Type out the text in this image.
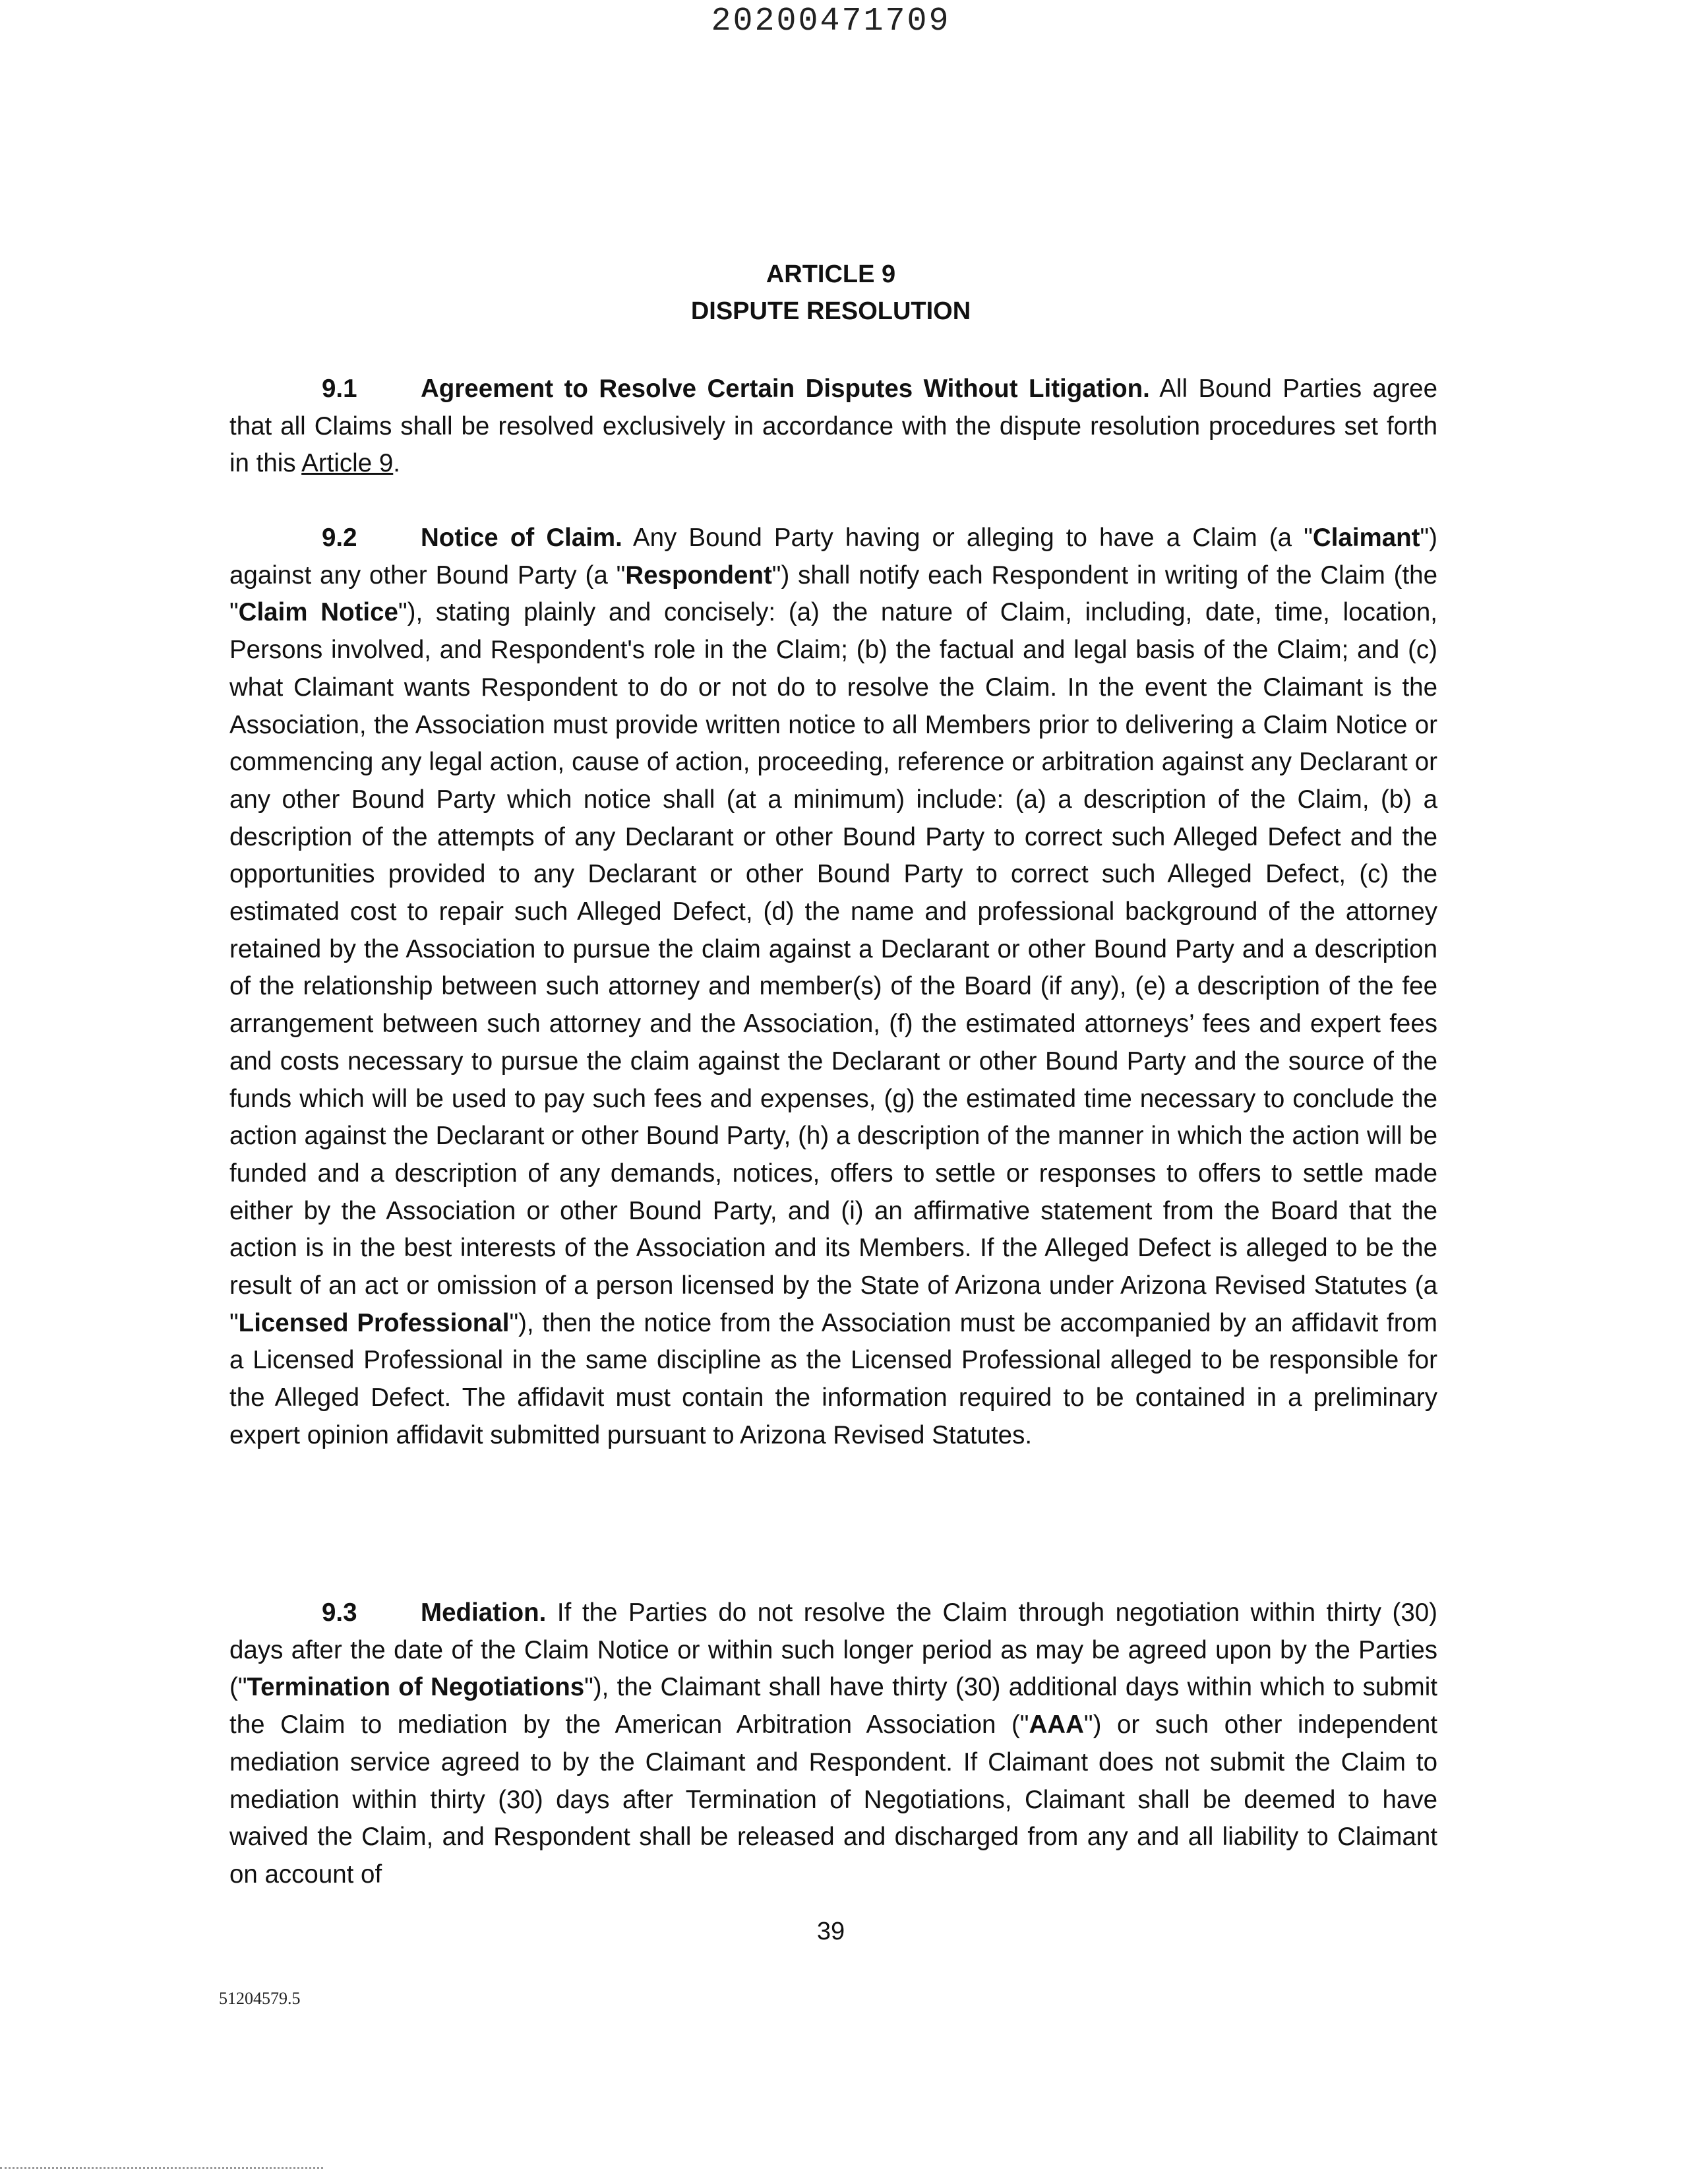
20200471709
ARTICLE 9
DISPUTE RESOLUTION

9.1	Agreement to Resolve Certain Disputes Without Litigation. All Bound Parties agree that all Claims shall be resolved exclusively in accordance with the dispute resolution procedures set forth in this Article 9.

9.2	Notice of Claim. Any Bound Party having or alleging to have a Claim (a "Claimant") against any other Bound Party (a "Respondent") shall notify each Respondent in writing of the Claim (the "Claim Notice"), stating plainly and concisely: (a) the nature of Claim, including, date, time, location, Persons involved, and Respondent's role in the Claim; (b) the factual and legal basis of the Claim; and (c) what Claimant wants Respondent to do or not do to resolve the Claim. In the event the Claimant is the Association, the Association must provide written notice to all Members prior to delivering a Claim Notice or commencing any legal action, cause of action, proceeding, reference or arbitration against any Declarant or any other Bound Party which notice shall (at a minimum) include: (a) a description of the Claim, (b) a description of the attempts of any Declarant or other Bound Party to correct such Alleged Defect and the opportunities provided to any Declarant or other Bound Party to correct such Alleged Defect, (c) the estimated cost to repair such Alleged Defect, (d) the name and professional background of the attorney retained by the Association to pursue the claim against a Declarant or other Bound Party and a description of the relationship between such attorney and member(s) of the Board (if any), (e) a description of the fee arrangement between such attorney and the Association, (f) the estimated attorneys’ fees and expert fees and costs necessary to pursue the claim against the Declarant or other Bound Party and the source of the funds which will be used to pay such fees and expenses, (g) the estimated time necessary to conclude the action against the Declarant or other Bound Party, (h) a description of the manner in which the action will be funded and a description of any demands, notices, offers to settle or responses to offers to settle made either by the Association or other Bound Party, and (i) an affirmative statement from the Board that the action is in the best interests of the Association and its Members. If the Alleged Defect is alleged to be the result of an act or omission of a person licensed by the State of Arizona under Arizona Revised Statutes (a "Licensed Professional"), then the notice from the Association must be accompanied by an affidavit from a Licensed Professional in the same discipline as the Licensed Professional alleged to be responsible for the Alleged Defect. The affidavit must contain the information required to be contained in a preliminary expert opinion affidavit submitted pursuant to Arizona Revised Statutes.

9.3	Mediation. If the Parties do not resolve the Claim through negotiation within thirty (30) days after the date of the Claim Notice or within such longer period as may be agreed upon by the Parties ("Termination of Negotiations"), the Claimant shall have thirty (30) additional days within which to submit the Claim to mediation by the American Arbitration Association ("AAA") or such other independent mediation service agreed to by the Claimant and Respondent. If Claimant does not submit the Claim to mediation within thirty (30) days after Termination of Negotiations, Claimant shall be deemed to have waived the Claim, and Respondent shall be released and discharged from any and all liability to Claimant on account of

39
51204579.5
